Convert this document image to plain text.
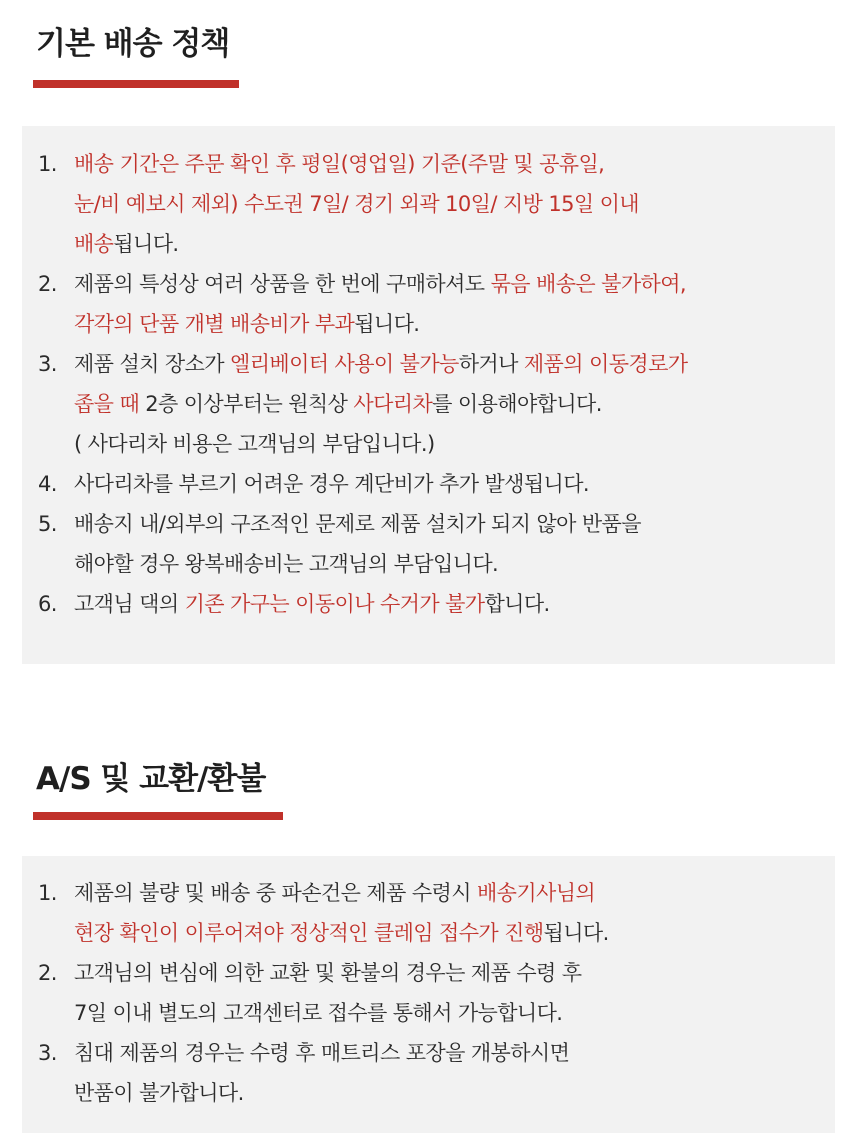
기본 배송 정책
1. 배송 기간은 주문 확인 후 평일(영업일) 기준(주말 및 공휴일,
눈/비 예보시 제외) 수도권 7일/ 경기 외곽 10일/ 지방 15일 이내
배송됩니다.
2. 제품의 특성상 여러 상품을 한 번에 구매하셔도 묶음 배송은 불가하여,
각각의 단품 개별 배송비가 부과됩니다.
3. 제품 설치 장소가 엘리베이터 사용이 불가능하거나 제품의 이동경로가
좁을 때 2층 이상부터는 원칙상 사다리차를 이용해야합니다.
( 사다리차 비용은 고객님의 부담입니다.)
4. 사다리차를 부르기 어려운 경우 계단비가 추가 발생됩니다.
5. 배송지 내/외부의 구조적인 문제로 제품 설치가 되지 않아 반품을
해야할 경우 왕복배송비는 고객님의 부담입니다.
6. 고객님 댁의 기존 가구는 이동이나 수거가 불가합니다.
A/S 및 교환/환불
1. 제품의 불량 및 배송 중 파손건은 제품 수령시 배송기사님의
현장 확인이 이루어져야 정상적인 클레임 접수가 진행됩니다.
2. 고객님의 변심에 의한 교환 및 환불의 경우는 제품 수령 후
7일 이내 별도의 고객센터로 접수를 통해서 가능합니다.
3. 침대 제품의 경우는 수령 후 매트리스 포장을 개봉하시면
반품이 불가합니다.
